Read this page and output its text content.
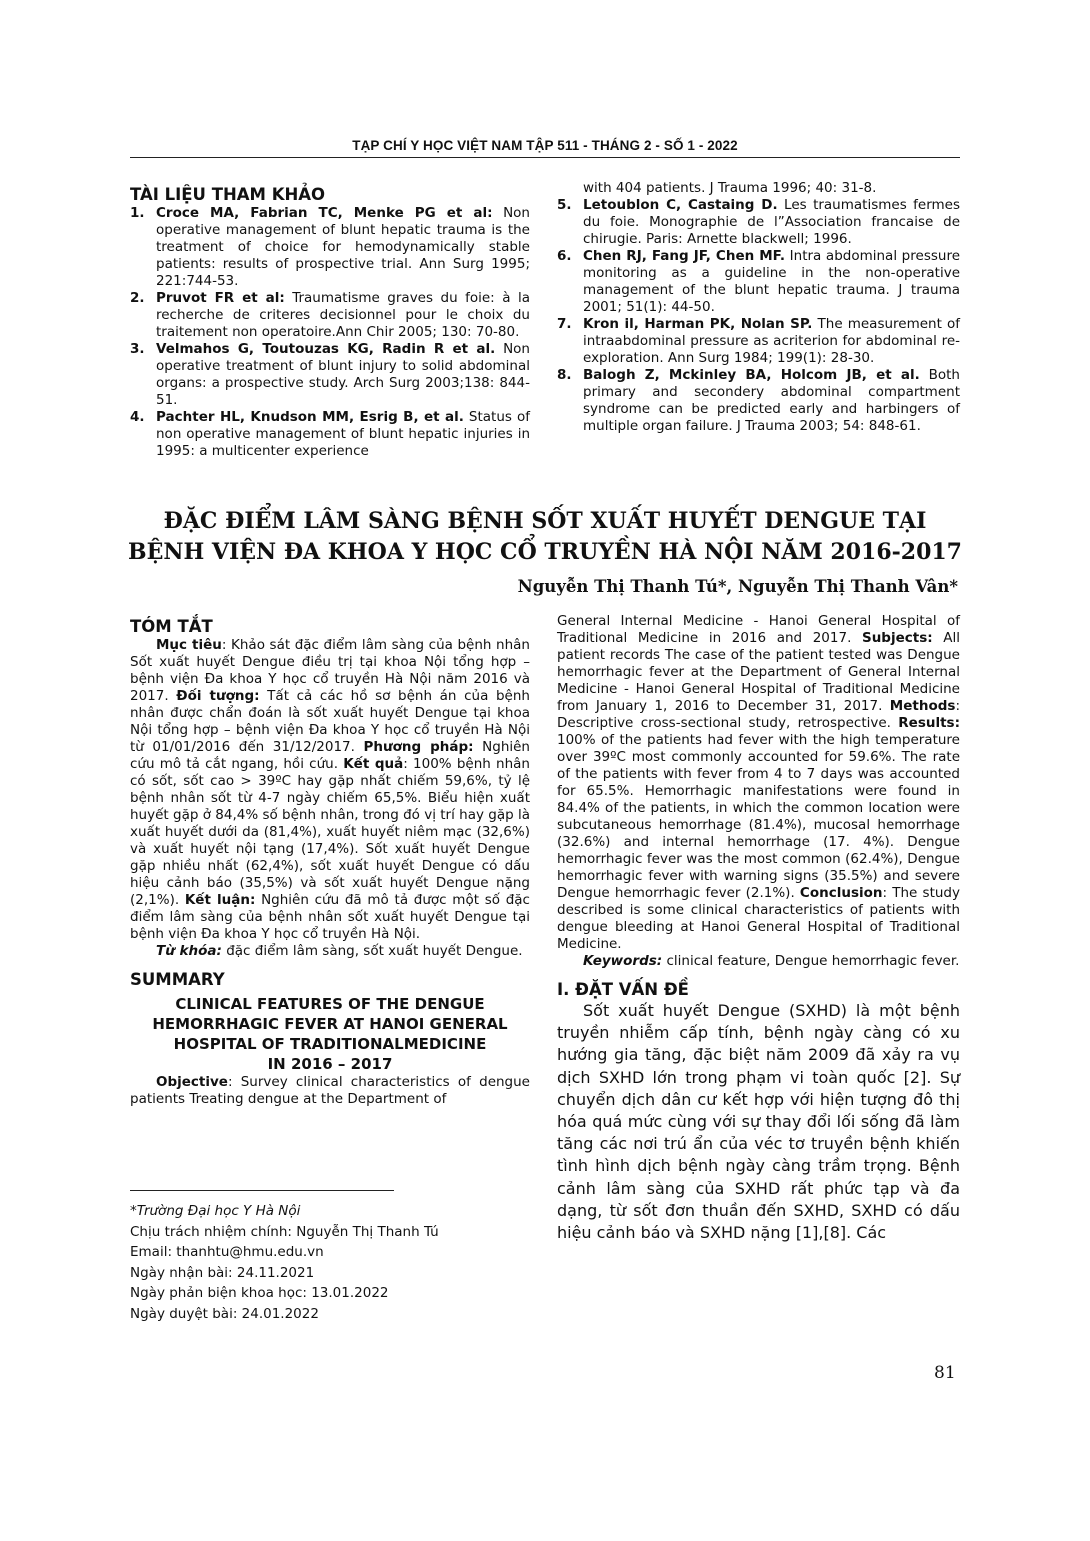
TẠP CHÍ Y HỌC VIỆT NAM TẬP 511 - THÁNG 2 - SỐ 1 - 2022
TÀI LIỆU THAM KHẢO
1. Croce MA, Fabrian TC, Menke PG et al: Non operative management of blunt hepatic trauma is the treatment of choice for hemodynamically stable patients: results of prospective trial. Ann Surg 1995; 221:744-53.
2. Pruvot FR et al: Traumatisme graves du foie: à la recherche de criteres decisionnel pour le choix du traitement non operatoire.Ann Chir 2005; 130: 70-80.
3. Velmahos G, Toutouzas KG, Radin R et al. Non operative treatment of blunt injury to solid abdominal organs: a prospective study. Arch Surg 2003;138: 844-51.
4. Pachter HL, Knudson MM, Esrig B, et al. Status of non operative management of blunt hepatic injuries in 1995: a multicenter experience
with 404 patients. J Trauma 1996; 40: 31-8.
5. Letoublon C, Castaing D. Les traumatismes fermes du foie. Monographie de l”Association francaise de chirugie. Paris: Arnette blackwell; 1996.
6. Chen RJ, Fang JF, Chen MF. Intra abdominal pressure monitoring as a guideline in the non-operative management of the blunt hepatic trauma. J trauma 2001; 51(1): 44-50.
7. Kron il, Harman PK, Nolan SP. The measurement of intraabdominal pressure as acriterion for abdominal re-exploration. Ann Surg 1984; 199(1): 28-30.
8. Balogh Z, Mckinley BA, Holcom JB, et al. Both primary and secondery abdominal compartment syndrome can be predicted early and harbingers of multiple organ failure. J Trauma 2003; 54: 848-61.
ĐẶC ĐIỂM LÂM SÀNG BỆNH SỐT XUẤT HUYẾT DENGUE TẠI
BỆNH VIỆN ĐA KHOA Y HỌC CỔ TRUYỀN HÀ NỘI NĂM 2016-2017
Nguyễn Thị Thanh Tú*, Nguyễn Thị Thanh Vân*
TÓM TẮT
Mục tiêu: Khảo sát đặc điểm lâm sàng của bệnh nhân Sốt xuất huyết Dengue điều trị tại khoa Nội tổng hợp – bệnh viện Đa khoa Y học cổ truyền Hà Nội năm 2016 và 2017. Đối tượng: Tất cả các hồ sơ bệnh án của bệnh nhân được chẩn đoán là sốt xuất huyết Dengue tại khoa Nội tổng hợp – bệnh viện Đa khoa Y học cổ truyền Hà Nội từ 01/01/2016 đến 31/12/2017. Phương pháp: Nghiên cứu mô tả cắt ngang, hồi cứu. Kết quả: 100% bệnh nhân có sốt, sốt cao > 39ºC hay gặp nhất chiếm 59,6%, tỷ lệ bệnh nhân sốt từ 4-7 ngày chiếm 65,5%. Biểu hiện xuất huyết gặp ở 84,4% số bệnh nhân, trong đó vị trí hay gặp là xuất huyết dưới da (81,4%), xuất huyết niêm mạc (32,6%) và xuất huyết nội tạng (17,4%). Sốt xuất huyết Dengue gặp nhiều nhất (62,4%), sốt xuất huyết Dengue có dấu hiệu cảnh báo (35,5%) và sốt xuất huyết Dengue nặng (2,1%). Kết luận: Nghiên cứu đã mô tả được một số đặc điểm lâm sàng của bệnh nhân sốt xuất huyết Dengue tại bệnh viện Đa khoa Y học cổ truyền Hà Nội.
Từ khóa: đặc điểm lâm sàng, sốt xuất huyết Dengue.
SUMMARY
CLINICAL FEATURES OF THE DENGUE
HEMORRHAGIC FEVER AT HANOI GENERAL
HOSPITAL OF TRADITIONALMEDICINE
IN 2016 – 2017
Objective: Survey clinical characteristics of dengue patients Treating dengue at the Department of
*Trường Đại học Y Hà Nội
Chịu trách nhiệm chính: Nguyễn Thị Thanh Tú
Email: thanhtu@hmu.edu.vn
Ngày nhận bài: 24.11.2021
Ngày phản biện khoa học: 13.01.2022
Ngày duyệt bài: 24.01.2022
General Internal Medicine - Hanoi General Hospital of Traditional Medicine in 2016 and 2017. Subjects: All patient records The case of the patient tested was Dengue hemorrhagic fever at the Department of General Internal Medicine - Hanoi General Hospital of Traditional Medicine from January 1, 2016 to December 31, 2017. Methods: Descriptive cross-sectional study, retrospective. Results: 100% of the patients had fever with the high temperature over 39ºC most commonly accounted for 59.6%. The rate of the patients with fever from 4 to 7 days was accounted for 65.5%. Hemorrhagic manifestations were found in 84.4% of the patients, in which the common location were subcutaneous hemorrhage (81.4%), mucosal hemorrhage (32.6%) and internal hemorrhage (17. 4%). Dengue hemorrhagic fever was the most common (62.4%), Dengue hemorrhagic fever with warning signs (35.5%) and severe Dengue hemorrhagic fever (2.1%). Conclusion: The study described is some clinical characteristics of patients with dengue bleeding at Hanoi General Hospital of Traditional Medicine.
Keywords: clinical feature, Dengue hemorrhagic fever.
I. ĐẶT VẤN ĐỀ
Sốt xuất huyết Dengue (SXHD) là một bệnh truyền nhiễm cấp tính, bệnh ngày càng có xu hướng gia tăng, đặc biệt năm 2009 đã xảy ra vụ dịch SXHD lớn trong phạm vi toàn quốc [2]. Sự chuyển dịch dân cư kết hợp với hiện tượng đô thị hóa quá mức cùng với sự thay đổi lối sống đã làm tăng các nơi trú ẩn của véc tơ truyền bệnh khiến tình hình dịch bệnh ngày càng trầm trọng. Bệnh cảnh lâm sàng của SXHD rất phức tạp và đa dạng, từ sốt đơn thuần đến SXHD, SXHD có dấu hiệu cảnh báo và SXHD nặng [1],[8]. Các
81
